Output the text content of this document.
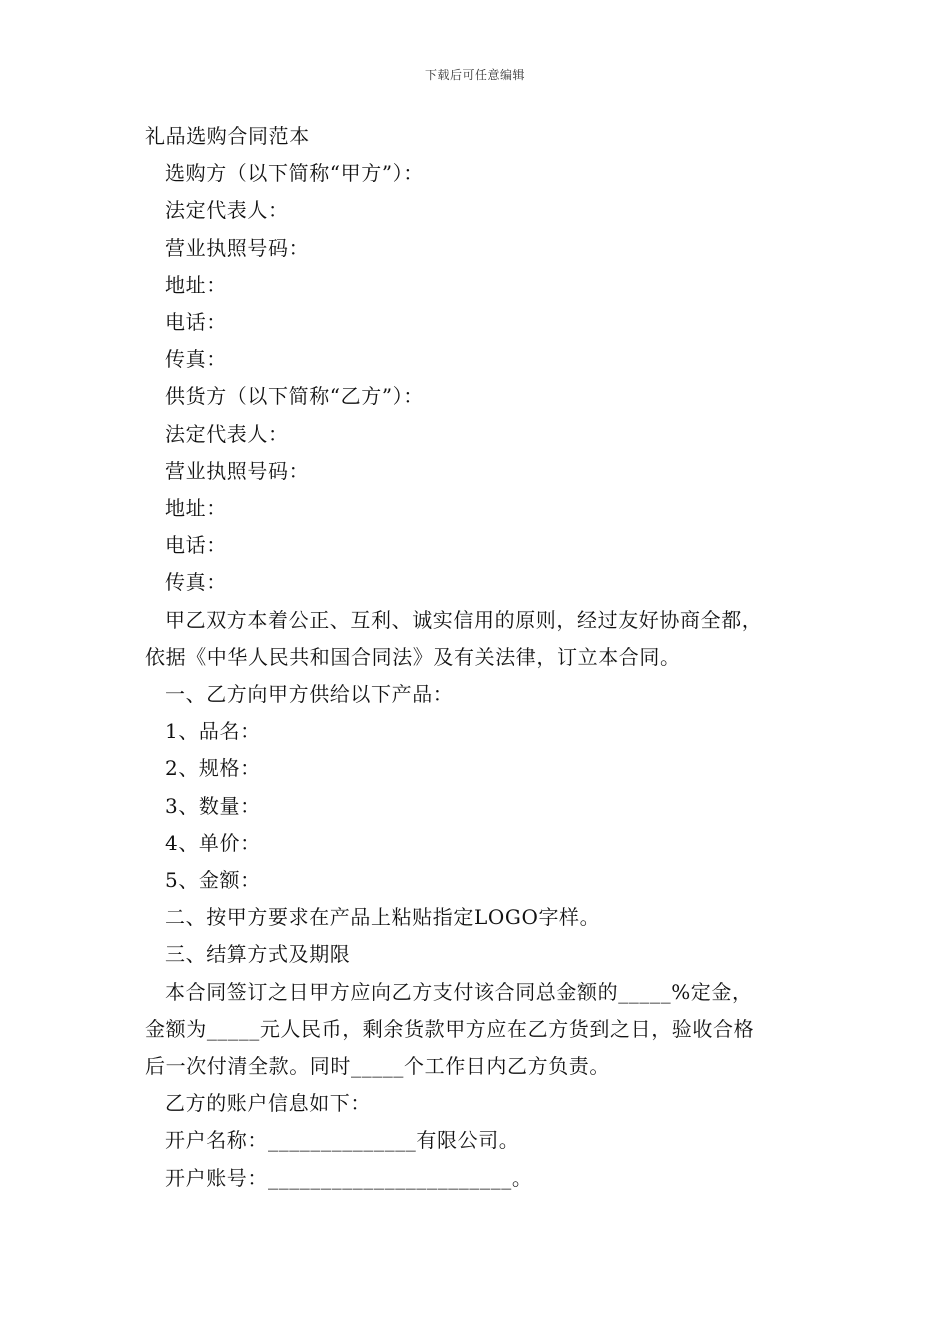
下载后可任意编辑
礼品选购合同范本
选购方（以下简称“甲方”）：
法定代表人：
营业执照号码：
地址：
电话：
传真：
供货方（以下简称“乙方”）：
法定代表人：
营业执照号码：
地址：
电话：
传真：
甲乙双方本着公正、互利、诚实信用的原则，经过友好协商全都，
依据《中华人民共和国合同法》及有关法律，订立本合同。
一、乙方向甲方供给以下产品：
1、品名：
2、规格：
3、数量：
4、单价：
5、金额：
二、按甲方要求在产品上粘贴指定LOGO字样。
三、结算方式及期限
本合同签订之日甲方应向乙方支付该合同总金额的_____%定金，
金额为_____元人民币，剩余货款甲方应在乙方货到之日，验收合格
后一次付清全款。同时_____个工作日内乙方负责。
乙方的账户信息如下：
开户名称：______________有限公司。
开户账号：_______________________。
